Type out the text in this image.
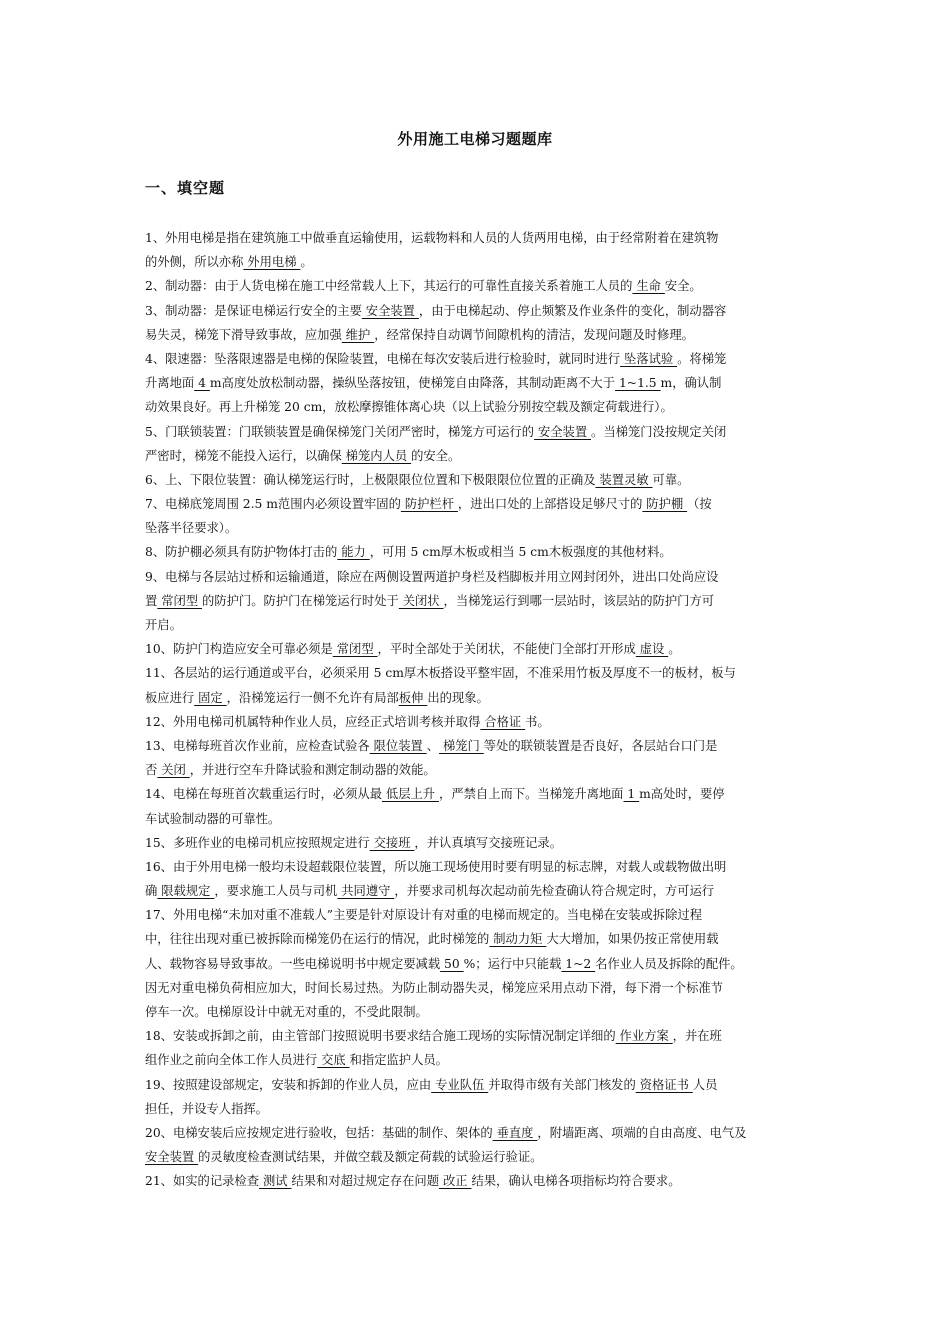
外用施工电梯习题题库
一、填空题
1、外用电梯是指在建筑施工中做垂直运输使用，运载物料和人员的人货两用电梯，由于经常附着在建筑物
的外侧，所以亦称 外用电梯 。
2、制动器：由于人货电梯在施工中经常载人上下，其运行的可靠性直接关系着施工人员的 生命 安全。
3、制动器：是保证电梯运行安全的主要 安全装置 ，由于电梯起动、停止频繁及作业条件的变化，制动器容
易失灵，梯笼下滑导致事故，应加强 维护 ，经常保持自动调节间隙机构的清洁，发现问题及时修理。
4、限速器：坠落限速器是电梯的保险装置，电梯在每次安装后进行检验时，就同时进行 坠落试验 。将梯笼
升离地面 4 m高度处放松制动器，操纵坠落按钮，使梯笼自由降落，其制动距离不大于 1~1.5 m，确认制
动效果良好。再上升梯笼 20 cm，放松摩擦锥体离心块（以上试验分别按空载及额定荷载进行）。
5、门联锁装置：门联锁装置是确保梯笼门关闭严密时，梯笼方可运行的 安全装置 。当梯笼门没按规定关闭
严密时，梯笼不能投入运行，以确保 梯笼内人员 的安全。
6、上、下限位装置：确认梯笼运行时，上极限限位位置和下极限限位位置的正确及 装置灵敏 可靠。
7、电梯底笼周围 2.5 m范围内必须设置牢固的 防护栏杆 ，进出口处的上部搭设足够尺寸的 防护棚 （按
坠落半径要求）。
8、防护棚必须具有防护物体打击的 能力 ，可用 5 cm厚木板或相当 5 cm木板强度的其他材料。
9、电梯与各层站过桥和运输通道，除应在两侧设置两道护身栏及档脚板并用立网封闭外，进出口处尚应设
置 常闭型 的防护门。防护门在梯笼运行时处于 关闭状 ，当梯笼运行到哪一层站时，该层站的防护门方可
开启。
10、防护门构造应安全可靠必须是 常闭型 ，平时全部处于关闭状，不能使门全部打开形成 虚设 。
11、各层站的运行通道或平台，必须采用 5 cm厚木板搭设平整牢固，不准采用竹板及厚度不一的板材，板与
板应进行 固定 ，沿梯笼运行一侧不允许有局部板伸 出的现象。
12、外用电梯司机属特种作业人员，应经正式培训考核并取得 合格证 书。
13、电梯每班首次作业前，应检查试验各 限位装置 、 梯笼门 等处的联锁装置是否良好，各层站台口门是
否 关闭 ，并进行空车升降试验和测定制动器的效能。
14、电梯在每班首次载重运行时，必须从最 低层上升 ，严禁自上而下。当梯笼升离地面 1 m高处时，要停
车试验制动器的可靠性。
15、多班作业的电梯司机应按照规定进行 交接班 ，并认真填写交接班记录。
16、由于外用电梯一般均未设超载限位装置，所以施工现场使用时要有明显的标志牌，对载人或载物做出明
确 限载规定 ，要求施工人员与司机 共同遵守 ，并要求司机每次起动前先检查确认符合规定时，方可运行
17、外用电梯“未加对重不准载人”主要是针对原设计有对重的电梯而规定的。当电梯在安装或拆除过程
中，往往出现对重已被拆除而梯笼仍在运行的情况，此时梯笼的 制动力矩 大大增加，如果仍按正常使用载
人、载物容易导致事故。一些电梯说明书中规定要减载 50 %；运行中只能载 1~2 名作业人员及拆除的配件。
因无对重电梯负荷相应加大，时间长易过热。为防止制动器失灵，梯笼应采用点动下滑，每下滑一个标准节
停车一次。电梯原设计中就无对重的，不受此限制。
18、安装或拆卸之前，由主管部门按照说明书要求结合施工现场的实际情况制定详细的 作业方案 ，并在班
组作业之前向全体工作人员进行 交底 和指定监护人员。
19、按照建设部规定，安装和拆卸的作业人员，应由 专业队伍 并取得市级有关部门核发的 资格证书 人员
担任，并设专人指挥。
20、电梯安装后应按规定进行验收，包括：基础的制作、架体的 垂直度 ，附墙距离、项端的自由高度、电气及
安全装置 的灵敏度检查测试结果，并做空载及额定荷载的试验运行验证。
21、如实的记录检查 测试 结果和对超过规定存在问题 改正 结果，确认电梯各项指标均符合要求。
